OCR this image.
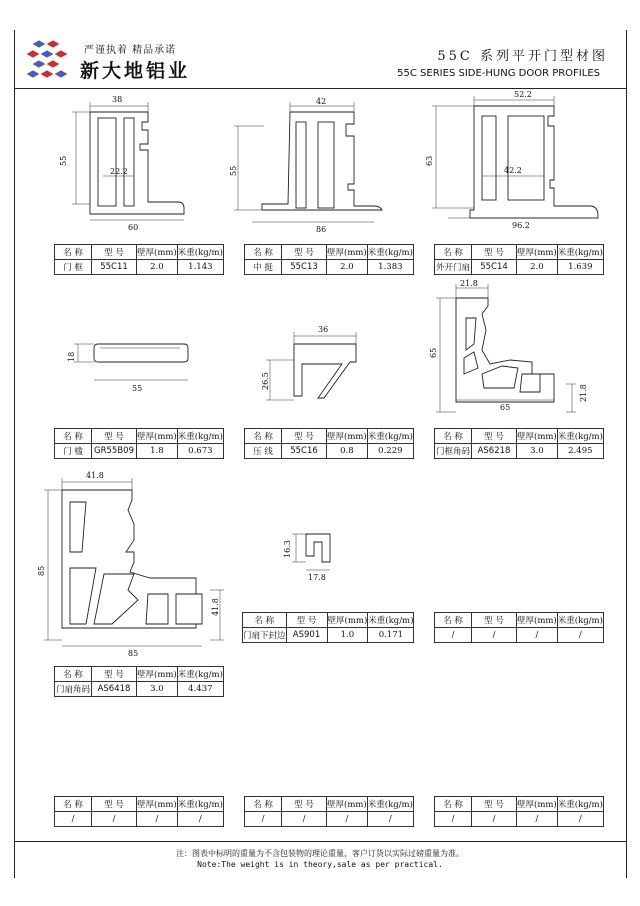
严谨执着 精品承诺
新大地铝业
55C 系列平开门型材图
55C SERIES SIDE-HUNG DOOR PROFILES
38
55
22.2
60
42
55
86
52.2
63
42.2
96.2
18
55
36
26.5
21.8
65
21.8
65
41.8
85
41.8
85
16.3
17.8
名 称	型 号	壁厚(mm)	米重(kg/m)
门 框	55C11	2.0	1.143
名 称	型 号	壁厚(mm)	米重(kg/m)
中 挺	55C13	2.0	1.383
名 称	型 号	壁厚(mm)	米重(kg/m)
外开门扇	55C14	2.0	1.639
名 称	型 号	壁厚(mm)	米重(kg/m)
门 槛	GR55B09	1.8	0.673
名 称	型 号	壁厚(mm)	米重(kg/m)
压 线	55C16	0.8	0.229
名 称	型 号	壁厚(mm)	米重(kg/m)
门框角码	AS6218	3.0	2.495
名 称	型 号	壁厚(mm)	米重(kg/m)
门扇角码	AS6418	3.0	4.437
名 称	型 号	壁厚(mm)	米重(kg/m)
门扇下封边	AS901	1.0	0.171
名 称	型 号	壁厚(mm)	米重(kg/m)
/	/	/	/
名 称	型 号	壁厚(mm)	米重(kg/m)
/	/	/	/
名 称	型 号	壁厚(mm)	米重(kg/m)
/	/	/	/
名 称	型 号	壁厚(mm)	米重(kg/m)
/	/	/	/
注：图表中标明的重量为不含包装物的理论重量，客户订货以实际过磅重量为准。
Note:The weight is in theory,sale as per practical.
